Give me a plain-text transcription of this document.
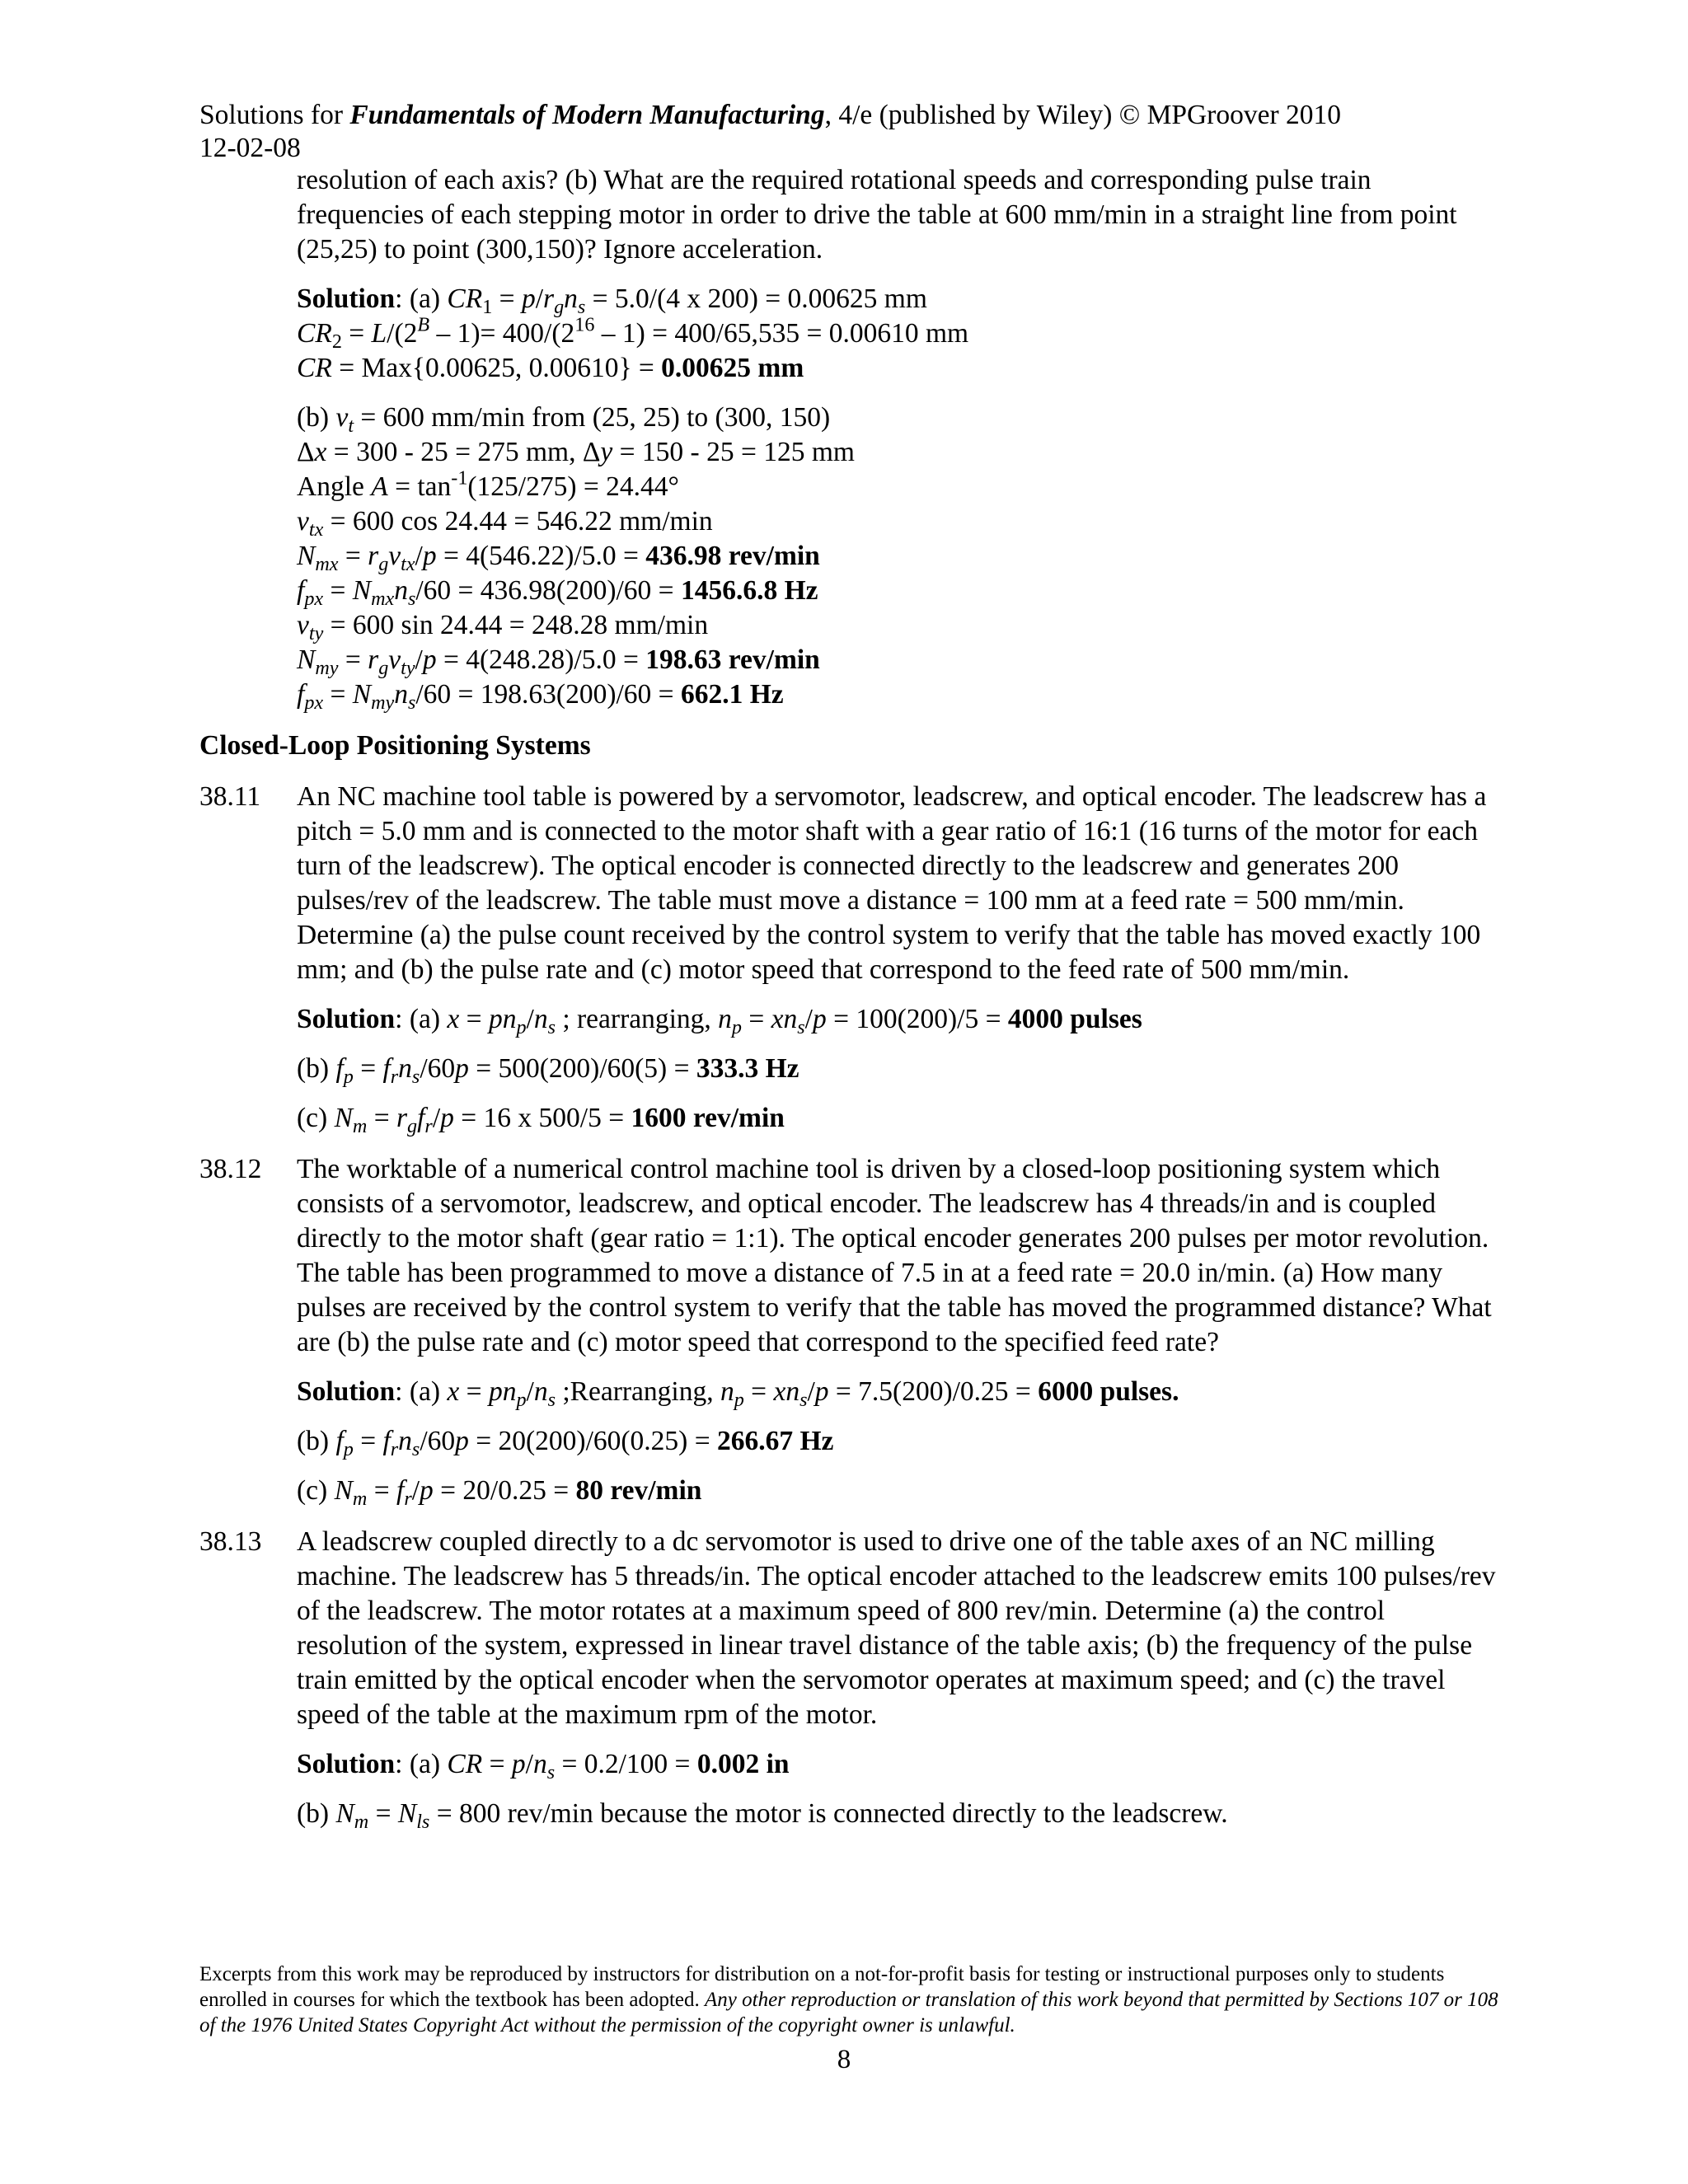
Solutions for Fundamentals of Modern Manufacturing, 4/e (published by Wiley) © MPGroover 2010
12-02-08

resolution of each axis? (b) What are the required rotational speeds and corresponding pulse train frequencies of each stepping motor in order to drive the table at 600 mm/min in a straight line from point (25,25) to point (300,150)? Ignore acceleration.

Solution: (a) $CR_1 = p/r_gn_s = 5.0/(4$ x 200) = 0.00625 mm
$CR_2 = L/(2^B - 1)= 400/(2^{16} - 1) = 400/65,535 = 0.00610$ mm
CR = Max{0.00625, 0.00610} = 0.00625 mm
(b) $v_t = 600$ mm/min from (25, 25) to (300, 150)
Δx = 300 - 25 = 275 mm, Δy = 150 - 25 = 125 mm
Angle $A = \tan^{-1}(125/275) = 24.44^\circ$
$v_{tx} = 600$ cos 24.44 = 546.22 mm/min
$N_{mx} = r_gv_{tx}/p = 4(546.22)/5.0 = 436.98$ rev/min
$f_{px} = N_{mx}n_s/60 = 436.98(200)/60 = 1456.6.8$ Hz
$v_{ty} = 600$ sin 24.44 = 248.28 mm/min
$N_{my} = r_gv_{ty}/p = 4(248.28)/5.0 = 198.63$ rev/min
$f_{px} = N_{my}n_s/60 = 198.63(200)/60 = 662.1$ Hz
Closed-Loop Positioning Systems
38.11 An NC machine tool table is powered by a servomotor, leadscrew, and optical encoder. The leadscrew has a pitch = 5.0 mm and is connected to the motor shaft with a gear ratio of 16:1 (16 turns of the motor for each turn of the leadscrew). The optical encoder is connected directly to the leadscrew and generates 200 pulses/rev of the leadscrew. The table must move a distance = 100 mm at a feed rate = 500 mm/min. Determine (a) the pulse count received by the control system to verify that the table has moved exactly 100 mm; and (b) the pulse rate and (c) motor speed that correspond to the feed rate of 500 mm/min.

Solution: (a) $x = pn_p/n_s$ ; rearranging, $n_p = xn_s/p = 100(200)/5 = 4000$ pulses
(b) $f_p = f_rn_s/60p = 500(200)/60(5) = 333.3$ Hz
(c) $N_m = r_gf_r/p = 16$ x 500/5 = 1600 rev/min
38.12 The worktable of a numerical control machine tool is driven by a closed-loop positioning system which consists of a servomotor, leadscrew, and optical encoder. The leadscrew has 4 threads/in and is coupled directly to the motor shaft (gear ratio = 1:1). The optical encoder generates 200 pulses per motor revolution. The table has been programmed to move a distance of 7.5 in at a feed rate = 20.0 in/min. (a) How many pulses are received by the control system to verify that the table has moved the programmed distance? What are (b) the pulse rate and (c) motor speed that correspond to the specified feed rate?

Solution: (a) $x = pn_p/n_s$ ;Rearranging, $n_p = xn_s/p = 7.5(200)/0.25 = 6000$ pulses.
(b) $f_p = f_rn_s/60p = 20(200)/60(0.25) = 266.67$ Hz
(c) $N_m = f_r/p = 20/0.25 = 80$ rev/min
38.13 A leadscrew coupled directly to a dc servomotor is used to drive one of the table axes of an NC milling machine. The leadscrew has 5 threads/in. The optical encoder attached to the leadscrew emits 100 pulses/rev of the leadscrew. The motor rotates at a maximum speed of 800 rev/min. Determine (a) the control resolution of the system, expressed in linear travel distance of the table axis; (b) the frequency of the pulse train emitted by the optical encoder when the servomotor operates at maximum speed; and (c) the travel speed of the table at the maximum rpm of the motor.

Solution: (a) CR = $p/n_s = 0.2/100 = 0.002$ in
(b) $N_m = N_{ls} = 800$ rev/min because the motor is connected directly to the leadscrew.
Excerpts from this work may be reproduced by instructors for distribution on a not-for-profit basis for testing or instructional purposes only to students enrolled in courses for which the textbook has been adopted. Any other reproduction or translation of this work beyond that permitted by Sections 107 or 108 of the 1976 United States Copyright Act without the permission of the copyright owner is unlawful.
8
